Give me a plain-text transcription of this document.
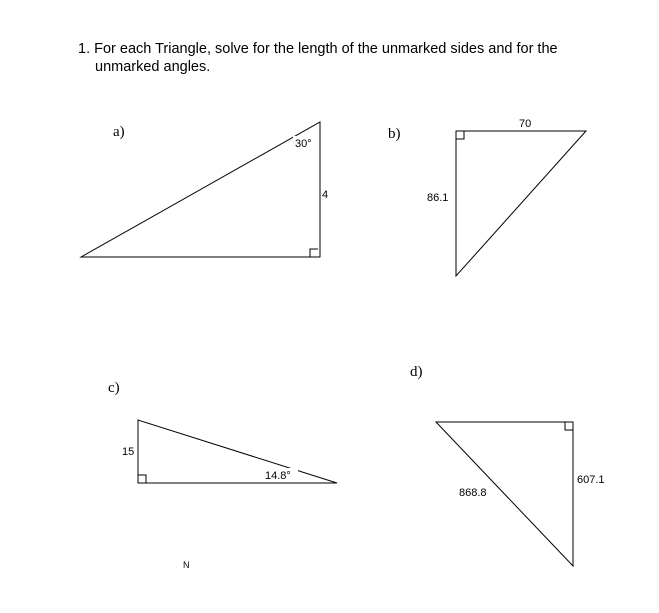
1. For each Triangle, solve for the length of the unmarked sides and for the
unmarked angles.

a)	b)
c)
d)
30°
4
70
86.1
15
14.8°
868.8
607.1
N
